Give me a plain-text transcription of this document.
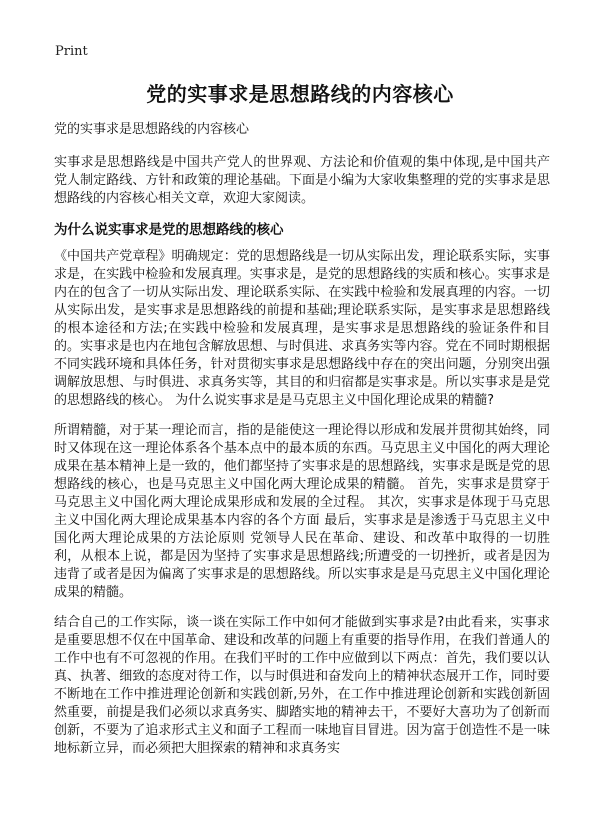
Print
党的实事求是思想路线的内容核心

党的实事求是思想路线的内容核心

实事求是思想路线是中国共产党人的世界观、方法论和价值观的集中体现,是中国共产党人制定路线、方针和政策的理论基础。下面是小编为大家收集整理的党的实事求是思想路线的内容核心相关文章，欢迎大家阅读。

为什么说实事求是党的思想路线的核心

《中国共产党章程》明确规定：党的思想路线是一切从实际出发，理论联系实际，实事求是，在实践中检验和发展真理。实事求是，是党的思想路线的实质和核心。实事求是内在的包含了一切从实际出发、理论联系实际、在实践中检验和发展真理的内容。一切从实际出发，是实事求是思想路线的前提和基础;理论联系实际，是实事求是思想路线的根本途径和方法;在实践中检验和发展真理，是实事求是思想路线的验证条件和目的。实事求是也内在地包含解放思想、与时俱进、求真务实等内容。党在不同时期根据不同实践环境和具体任务，针对贯彻实事求是思想路线中存在的突出问题，分别突出强调解放思想、与时俱进、求真务实等，其目的和归宿都是实事求是。所以实事求是是党的思想路线的核心。 为什么说实事求是是马克思主义中国化理论成果的精髓?

所谓精髓，对于某一理论而言，指的是能使这一理论得以形成和发展并贯彻其始终，同时又体现在这一理论体系各个基本点中的最本质的东西。马克思主义中国化的两大理论成果在基本精神上是一致的，他们都坚持了实事求是的思想路线，实事求是既是党的思想路线的核心，也是马克思主义中国化两大理论成果的精髓。 首先，实事求是贯穿于马克思主义中国化两大理论成果形成和发展的全过程。 其次，实事求是体现于马克思主义中国化两大理论成果基本内容的各个方面 最后，实事求是是渗透于马克思主义中国化两大理论成果的方法论原则 党领导人民在革命、建设、和改革中取得的一切胜利，从根本上说，都是因为坚持了实事求是思想路线;所遭受的一切挫折，或者是因为违背了或者是因为偏离了实事求是的思想路线。所以实事求是是马克思主义中国化理论成果的精髓。

结合自己的工作实际，谈一谈在实际工作中如何才能做到实事求是?由此看来，实事求是重要思想不仅在中国革命、建设和改革的问题上有重要的指导作用，在我们普通人的工作中也有不可忽视的作用。在我们平时的工作中应做到以下两点：首先，我们要以认真、执著、细致的态度对待工作，以与时俱进和奋发向上的精神状态展开工作，同时要不断地在工作中推进理论创新和实践创新,另外，在工作中推进理论创新和实践创新固然重要，前提是我们必须以求真务实、脚踏实地的精神去干，不要好大喜功为了创新而创新，不要为了追求形式主义和面子工程而一味地盲目冒进。因为富于创造性不是一味地标新立异，而必须把大胆探索的精神和求真务实
